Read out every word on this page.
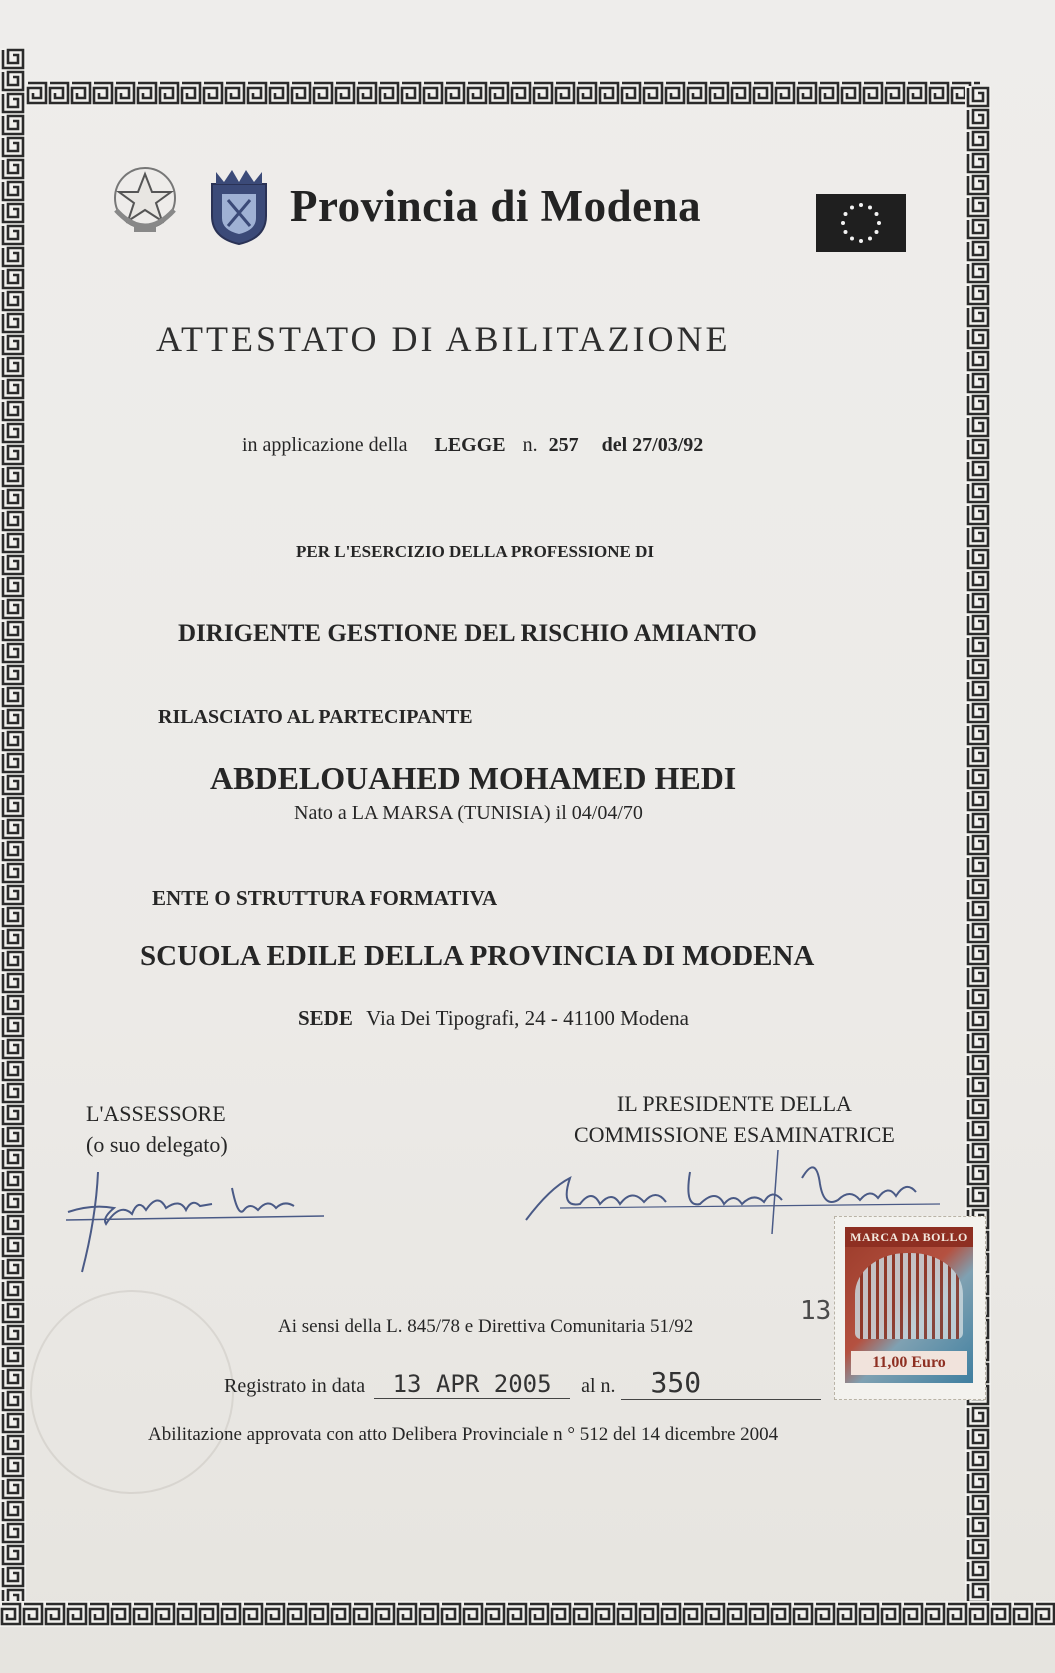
Provincia di Modena
ATTESTATO DI ABILITAZIONE
in applicazione della LEGGE n. 257 del 27/03/92
PER L'ESERCIZIO DELLA PROFESSIONE DI
DIRIGENTE GESTIONE DEL RISCHIO AMIANTO
RILASCIATO AL PARTECIPANTE
ABDELOUAHED MOHAMED HEDI
Nato a LA MARSA (TUNISIA) il 04/04/70
ENTE O STRUTTURA FORMATIVA
SCUOLA EDILE DELLA PROVINCIA DI MODENA
SEDE Via Dei Tipografi, 24 - 41100 Modena
L'ASSESSORE
(o suo delegato)
IL PRESIDENTE DELLA
COMMISSIONE ESAMINATRICE
Ai sensi della L. 845/78 e Direttiva Comunitaria 51/92
13
Registrato in data 13 APR 2005 al n. 350
Abilitazione approvata con atto Delibera Provinciale n ° 512 del 14 dicembre 2004
MARCA DA BOLLO
11,00 Euro
